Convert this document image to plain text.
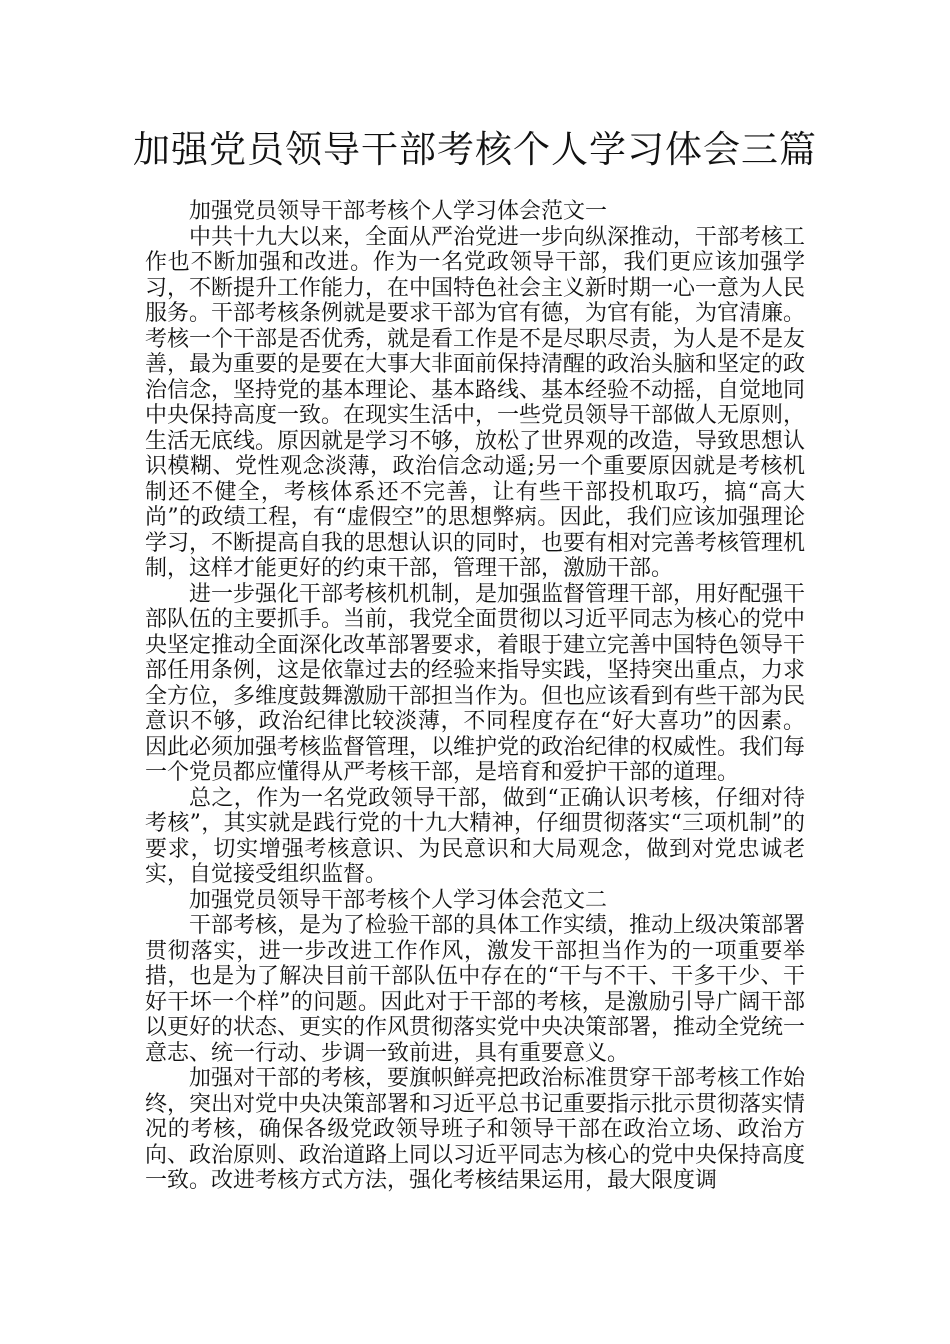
加强党员领导干部考核个人学习体会三篇

加强党员领导干部考核个人学习体会范文一

中共十九大以来，全面从严治党进一步向纵深推动，干部考核工作也不断加强和改进。作为一名党政领导干部，我们更应该加强学习，不断提升工作能力，在中国特色社会主义新时期一心一意为人民服务。干部考核条例就是要求干部为官有德，为官有能，为官清廉。考核一个干部是否优秀，就是看工作是不是尽职尽责，为人是不是友善，最为重要的是要在大事大非面前保持清醒的政治头脑和坚定的政治信念，坚持党的基本理论、基本路线、基本经验不动摇，自觉地同中央保持高度一致。在现实生活中，一些党员领导干部做人无原则，生活无底线。原因就是学习不够，放松了世界观的改造，导致思想认识模糊、党性观念淡薄，政治信念动遥;另一个重要原因就是考核机制还不健全，考核体系还不完善，让有些干部投机取巧，搞“高大尚”的政绩工程，有“虚假空”的思想弊病。因此，我们应该加强理论学习，不断提高自我的思想认识的同时，也要有相对完善考核管理机制，这样才能更好的约束干部，管理干部，激励干部。

进一步强化干部考核机机制，是加强监督管理干部，用好配强干部队伍的主要抓手。当前，我党全面贯彻以习近平同志为核心的党中央坚定推动全面深化改革部署要求，着眼于建立完善中国特色领导干部任用条例，这是依靠过去的经验来指导实践，坚持突出重点，力求全方位，多维度鼓舞激励干部担当作为。但也应该看到有些干部为民意识不够，政治纪律比较淡薄，不同程度存在“好大喜功”的因素。因此必须加强考核监督管理，以维护党的政治纪律的权威性。我们每一个党员都应懂得从严考核干部，是培育和爱护干部的道理。

总之，作为一名党政领导干部，做到“正确认识考核，仔细对待考核”，其实就是践行党的十九大精神，仔细贯彻落实“三项机制”的要求，切实增强考核意识、为民意识和大局观念，做到对党忠诚老实，自觉接受组织监督。

加强党员领导干部考核个人学习体会范文二

干部考核，是为了检验干部的具体工作实绩，推动上级决策部署贯彻落实，进一步改进工作作风，激发干部担当作为的一项重要举措，也是为了解决目前干部队伍中存在的“干与不干、干多干少、干好干坏一个样”的问题。因此对于干部的考核，是激励引导广阔干部以更好的状态、更实的作风贯彻落实党中央决策部署，推动全党统一意志、统一行动、步调一致前进，具有重要意义。

加强对干部的考核，要旗帜鲜亮把政治标准贯穿干部考核工作始终，突出对党中央决策部署和习近平总书记重要指示批示贯彻落实情况的考核，确保各级党政领导班子和领导干部在政治立场、政治方向、政治原则、政治道路上同以习近平同志为核心的党中央保持高度一致。改进考核方式方法，强化考核结果运用，最大限度调
